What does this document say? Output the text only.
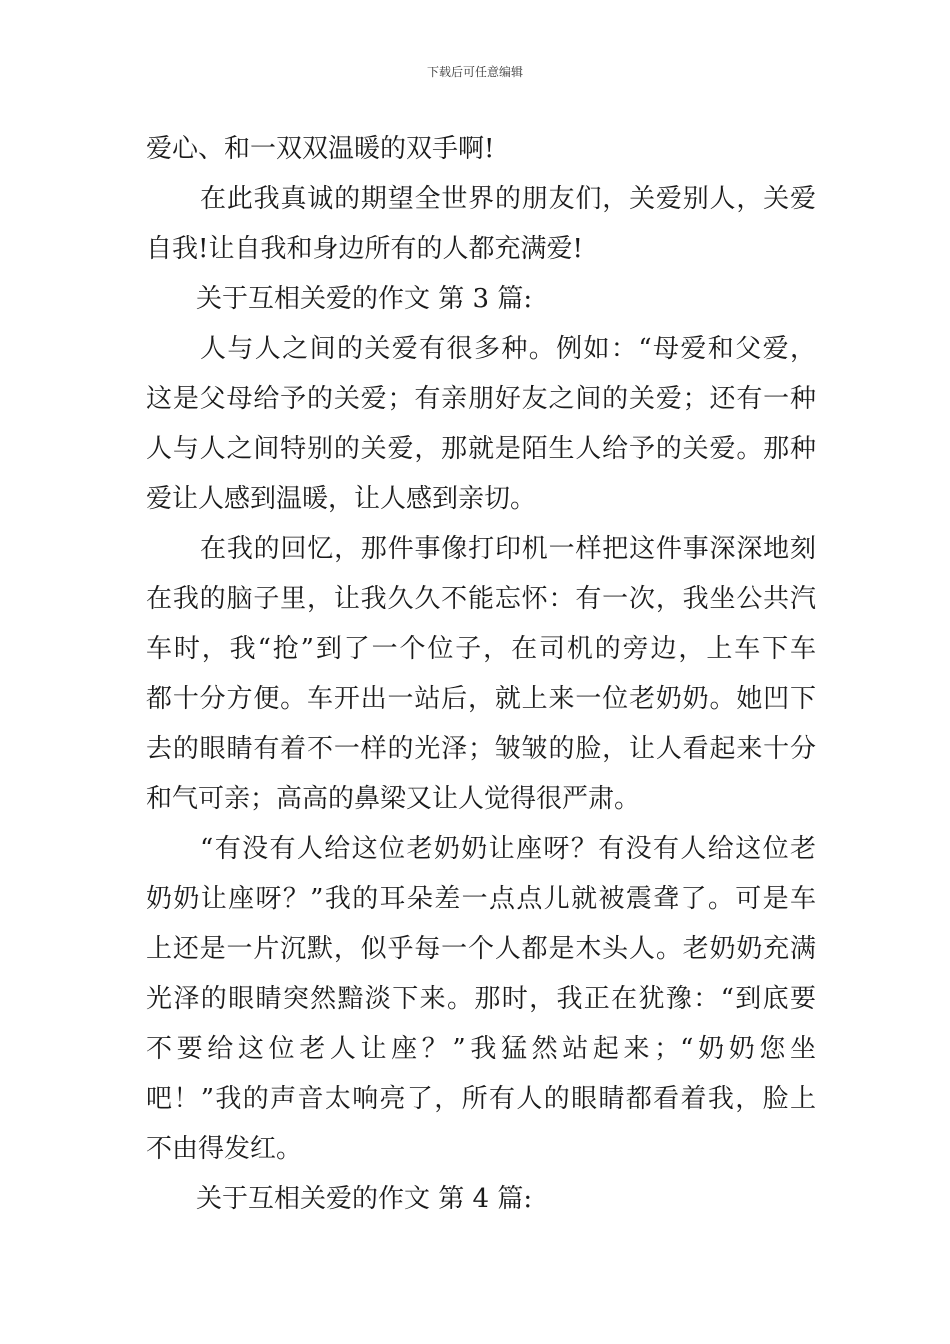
下载后可任意编辑
爱心、和一双双温暖的双手啊!
在此我真诚的期望全世界的朋友们，关爱别人，关爱
自我!让自我和身边所有的人都充满爱!
关于互相关爱的作文 第 3 篇:
人与人之间的关爱有很多种。例如：“母爱和父爱，
这是父母给予的关爱；有亲朋好友之间的关爱；还有一种
人与人之间特别的关爱，那就是陌生人给予的关爱。那种
爱让人感到温暖，让人感到亲切。
在我的回忆，那件事像打印机一样把这件事深深地刻
在我的脑子里，让我久久不能忘怀：有一次，我坐公共汽
车时，我“抢”到了一个位子，在司机的旁边，上车下车
都十分方便。车开出一站后，就上来一位老奶奶。她凹下
去的眼睛有着不一样的光泽；皱皱的脸，让人看起来十分
和气可亲；高高的鼻梁又让人觉得很严肃。
“有没有人给这位老奶奶让座呀？有没有人给这位老
奶奶让座呀？”我的耳朵差一点点儿就被震聋了。可是车
上还是一片沉默，似乎每一个人都是木头人。老奶奶充满
光泽的眼睛突然黯淡下来。那时，我正在犹豫：“到底要
不要给这位老人让座？”我猛然站起来；“奶奶您坐
吧！”我的声音太响亮了，所有人的眼睛都看着我，脸上
不由得发红。
关于互相关爱的作文 第 4 篇:
